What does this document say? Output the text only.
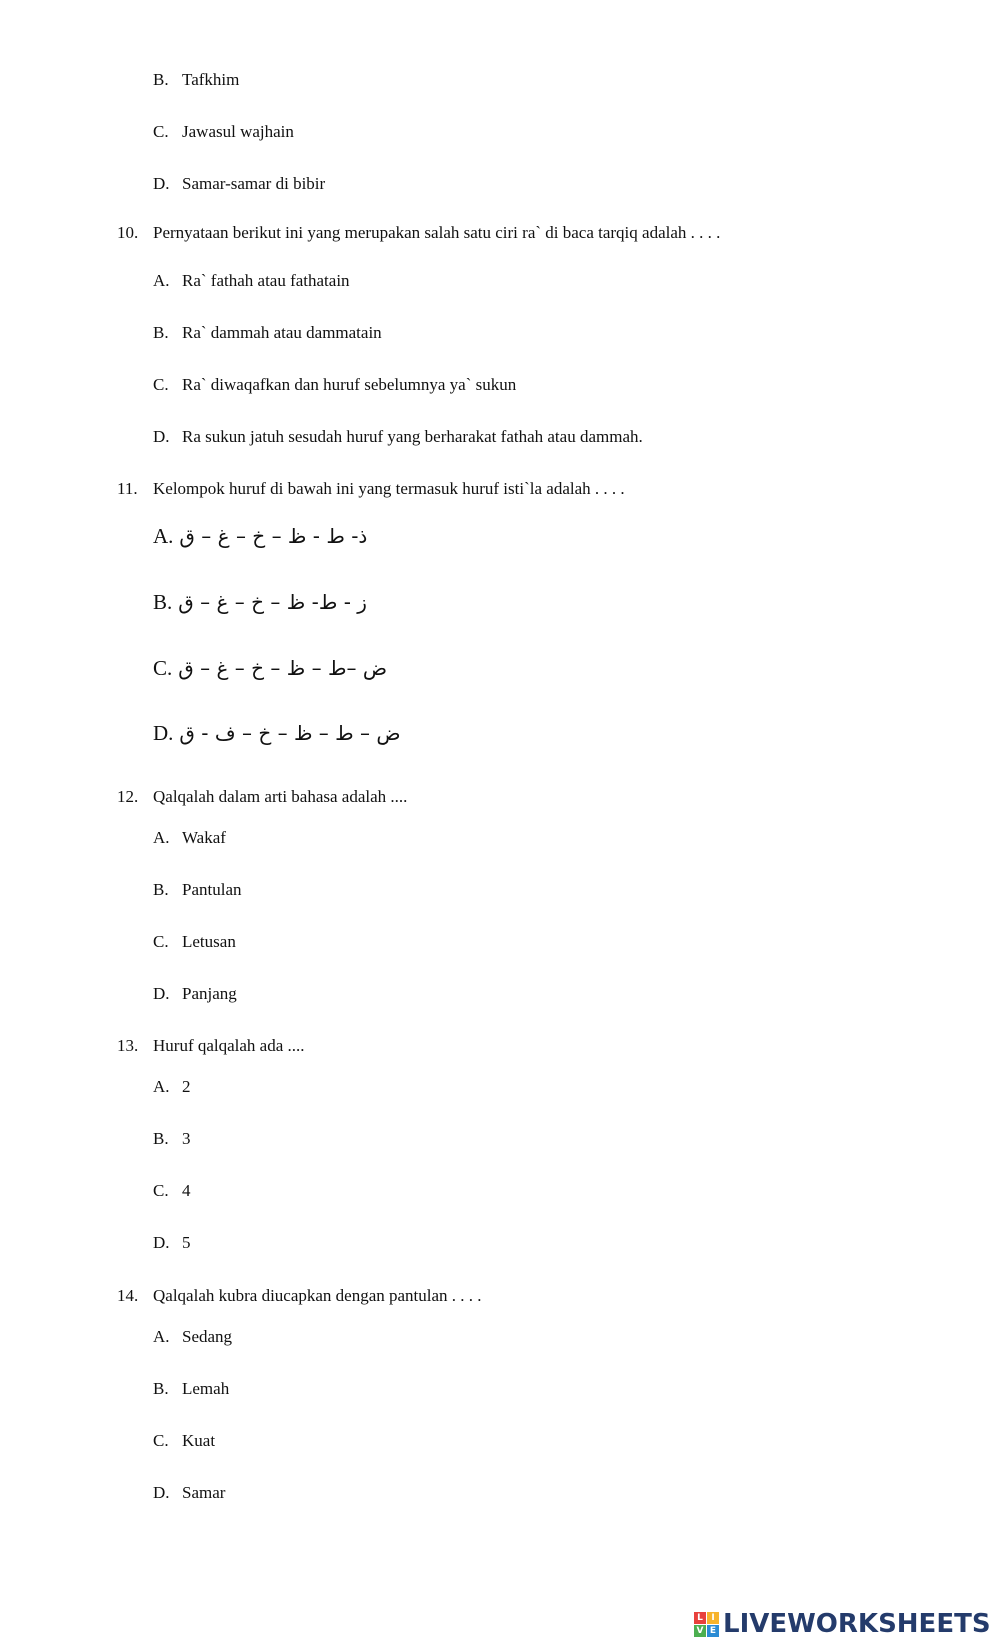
B. Tafkhim
C. Jawasul wajhain
D. Samar-samar di bibir
10. Pernyataan berikut ini yang merupakan salah satu ciri ra` di baca tarqiq adalah . . . .
A. Ra` fathah atau fathatain
B. Ra` dammah atau dammatain
C. Ra` diwaqafkan dan huruf sebelumnya ya` sukun
D. Ra sukun jatuh sesudah huruf yang berharakat fathah atau dammah.
11. Kelompok huruf di bawah ini yang termasuk huruf isti`la adalah . . . .
A. ذ- ط - ظ – خ – غ – ق
B. ز - ط- ظ – خ – غ – ق
C. ض –ط – ظ – خ – غ – ق
D. ض – ط – ظ – خ – ف - ق
12. Qalqalah dalam arti bahasa adalah ....
A. Wakaf
B. Pantulan
C. Letusan
D. Panjang
13. Huruf qalqalah ada ....
A. 2
B. 3
C. 4
D. 5
14. Qalqalah kubra diucapkan dengan pantulan . . . .
A. Sedang
B. Lemah
C. Kuat
D. Samar
L I
V E LIVEWORKSHEETS
